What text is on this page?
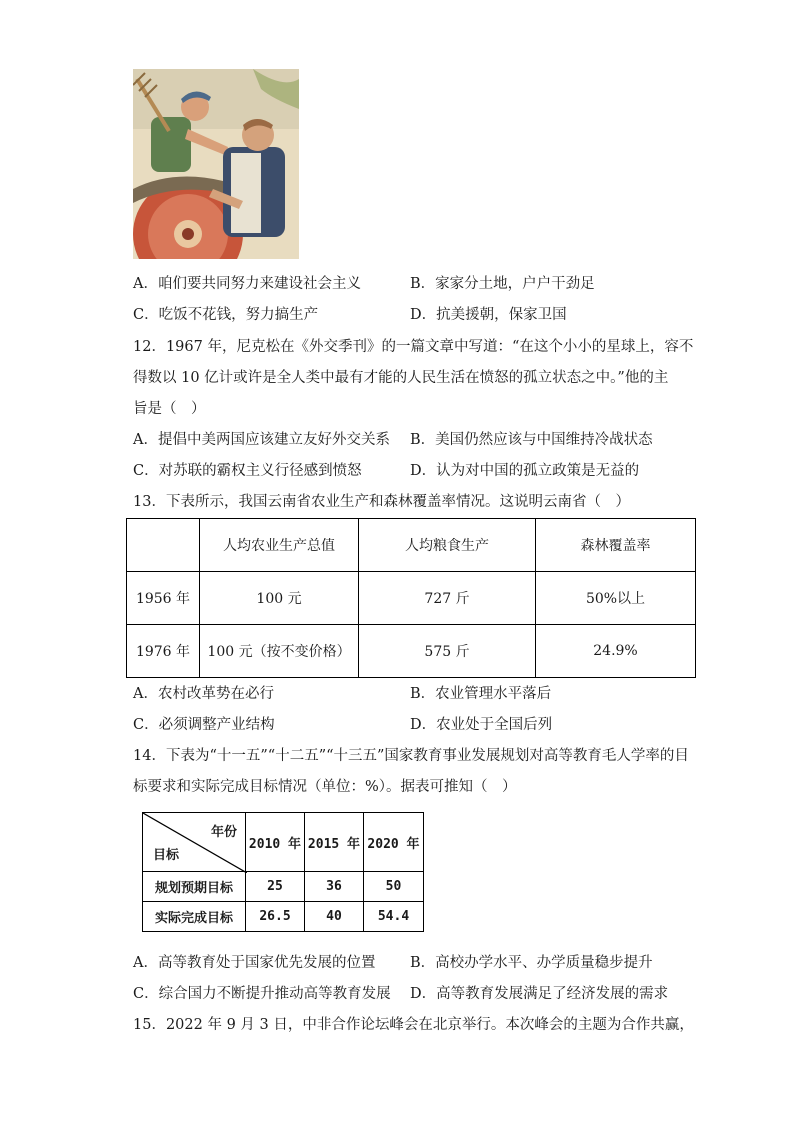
A．咱们要共同努力来建设社会主义	B．家家分土地，户户干劲足
C．吃饭不花钱，努力搞生产	D．抗美援朝，保家卫国
12．1967 年，尼克松在《外交季刊》的一篇文章中写道：“在这个小小的星球上，容不
得数以 10 亿计或许是全人类中最有才能的人民生活在愤怒的孤立状态之中。”他的主
旨是（　）
A．提倡中美两国应该建立友好外交关系 B．美国仍然应该与中国维持冷战状态
C．对苏联的霸权主义行径感到愤怒	D．认为对中国的孤立政策是无益的
13．下表所示，我国云南省农业生产和森林覆盖率情况。这说明云南省（　）
	人均农业生产总值	人均粮食生产	森林覆盖率
1956 年	100 元	727 斤	50%以上
1976 年	100 元（按不变价格）	575 斤	24.9%
A．农村改革势在必行	B．农业管理水平落后
C．必须调整产业结构	D．农业处于全国后列
14．下表为“十一五”“十二五”“十三五”国家教育事业发展规划对高等教育毛人学率的目
标要求和实际完成目标情况（单位：%）。据表可推知（　）
年份
目标	2010 年	2015 年	2020 年
规划预期目标	25	36	50
实际完成目标	26.5	40	54.4
A．高等教育处于国家优先发展的位置 B．高校办学水平、办学质量稳步提升
C．综合国力不断提升推动高等教育发展 D．高等教育发展满足了经济发展的需求
15．2022 年 9 月 3 日，中非合作论坛峰会在北京举行。本次峰会的主题为合作共赢，
